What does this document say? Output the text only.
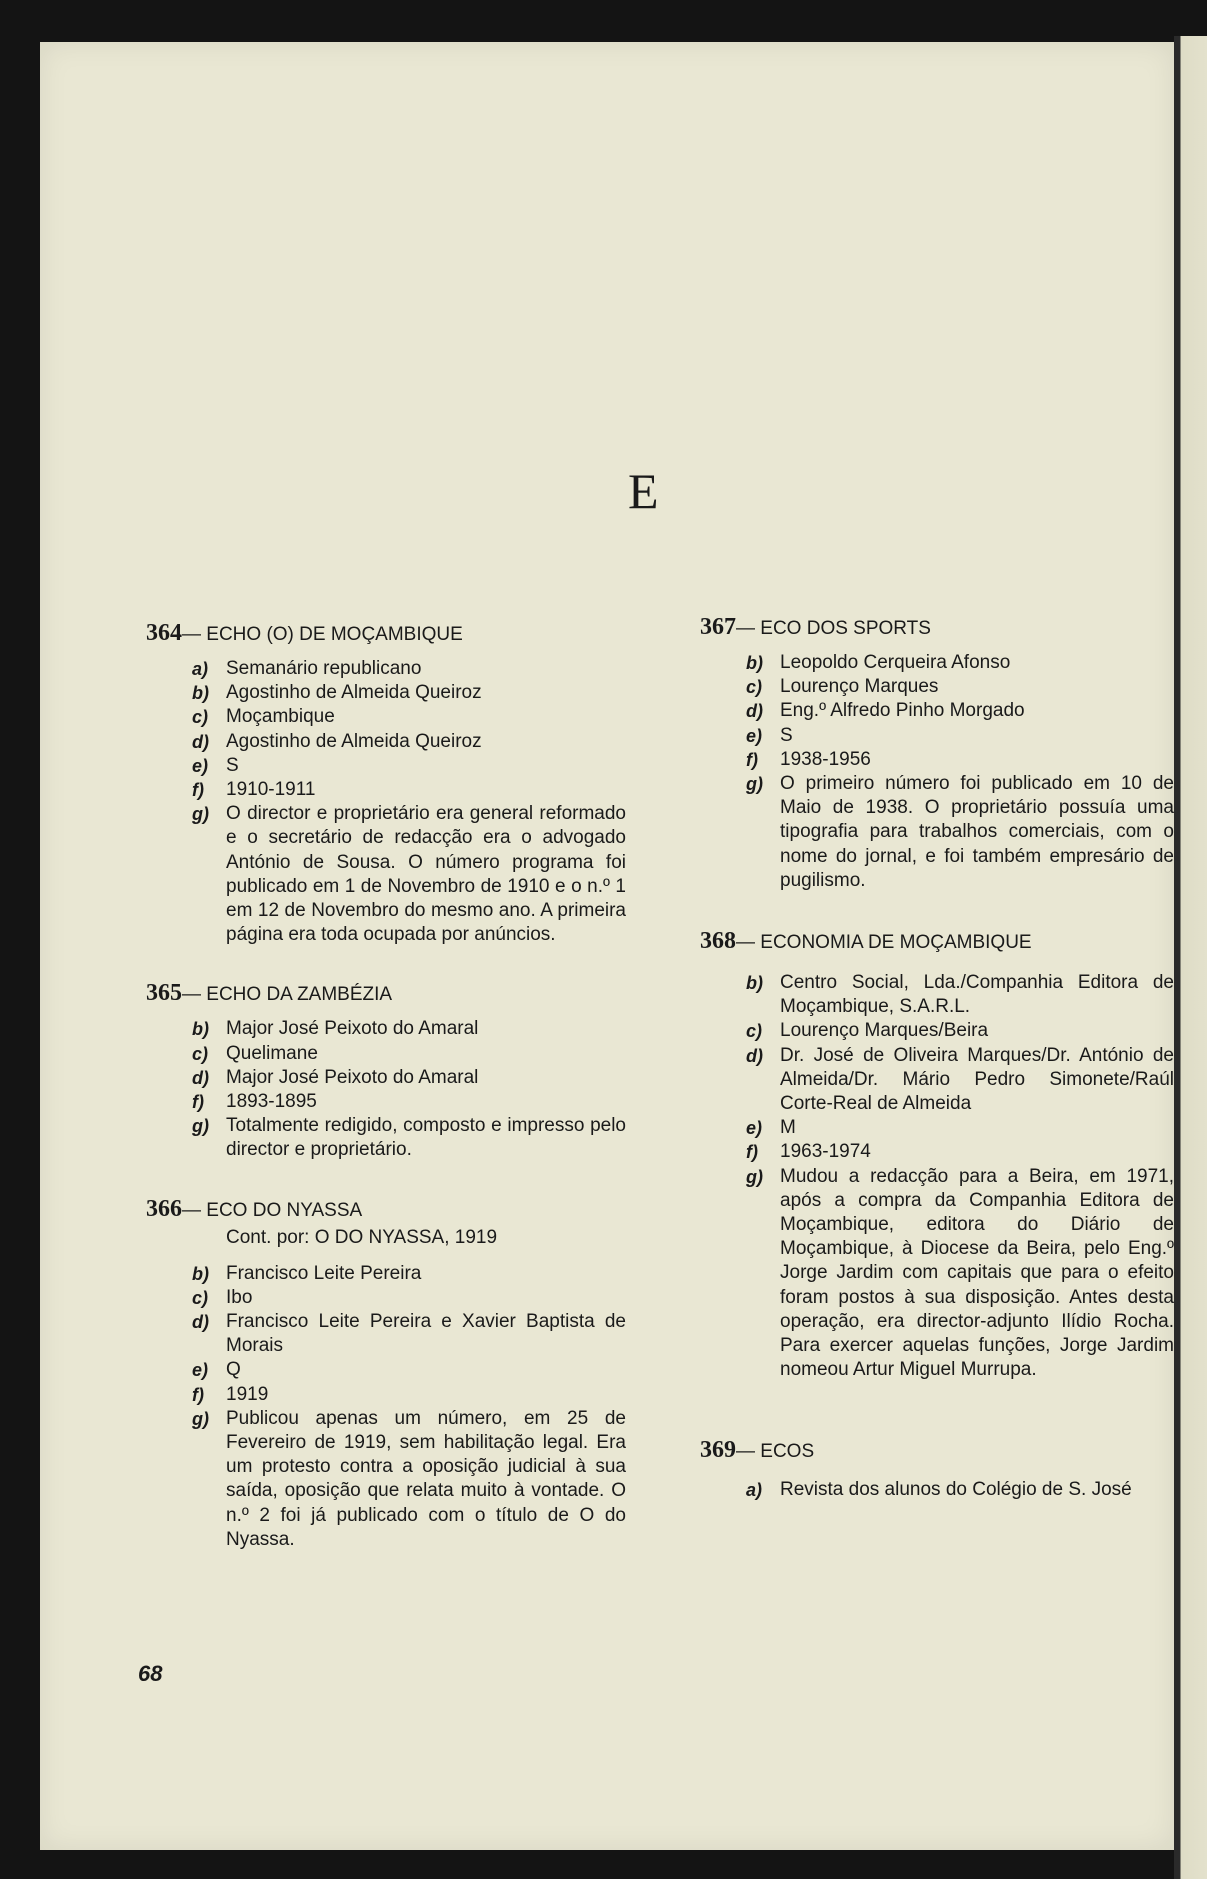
E
364— ECHO (O) DE MOÇAMBIQUE
a) Semanário republicano
b) Agostinho de Almeida Queiroz
c) Moçambique
d) Agostinho de Almeida Queiroz
e) S
f) 1910-1911
g) O director e proprietário era general reformado e o secretário de redacção era o advogado António de Sousa. O número programa foi publicado em 1 de Novembro de 1910 e o n.º 1 em 12 de Novembro do mesmo ano. A primeira página era toda ocupada por anúncios.
365— ECHO DA ZAMBÉZIA
b) Major José Peixoto do Amaral
c) Quelimane
d) Major José Peixoto do Amaral
f) 1893-1895
g) Totalmente redigido, composto e impresso pelo director e proprietário.
366— ECO DO NYASSA
Cont. por: O DO NYASSA, 1919
b) Francisco Leite Pereira
c) Ibo
d) Francisco Leite Pereira e Xavier Baptista de Morais
e) Q
f) 1919
g) Publicou apenas um número, em 25 de Fevereiro de 1919, sem habilitação legal. Era um protesto contra a oposição judicial à sua saída, oposição que relata muito à vontade. O n.º 2 foi já publicado com o título de O do Nyassa.
367— ECO DOS SPORTS
b) Leopoldo Cerqueira Afonso
c) Lourenço Marques
d) Eng.º Alfredo Pinho Morgado
e) S
f) 1938-1956
g) O primeiro número foi publicado em 10 de Maio de 1938. O proprietário possuía uma tipografia para trabalhos comerciais, com o nome do jornal, e foi também empresário de pugilismo.
368— ECONOMIA DE MOÇAMBIQUE
b) Centro Social, Lda./Companhia Editora de Moçambique, S.A.R.L.
c) Lourenço Marques/Beira
d) Dr. José de Oliveira Marques/Dr. António de Almeida/Dr. Mário Pedro Simonete/Raúl Corte-Real de Almeida
e) M
f) 1963-1974
g) Mudou a redacção para a Beira, em 1971, após a compra da Companhia Editora de Moçambique, editora do Diário de Moçambique, à Diocese da Beira, pelo Eng.º Jorge Jardim com capitais que para o efeito foram postos à sua disposição. Antes desta operação, era director-adjunto Ilídio Rocha. Para exercer aquelas funções, Jorge Jardim nomeou Artur Miguel Murrupa.
369— ECOS
a) Revista dos alunos do Colégio de S. José
68
